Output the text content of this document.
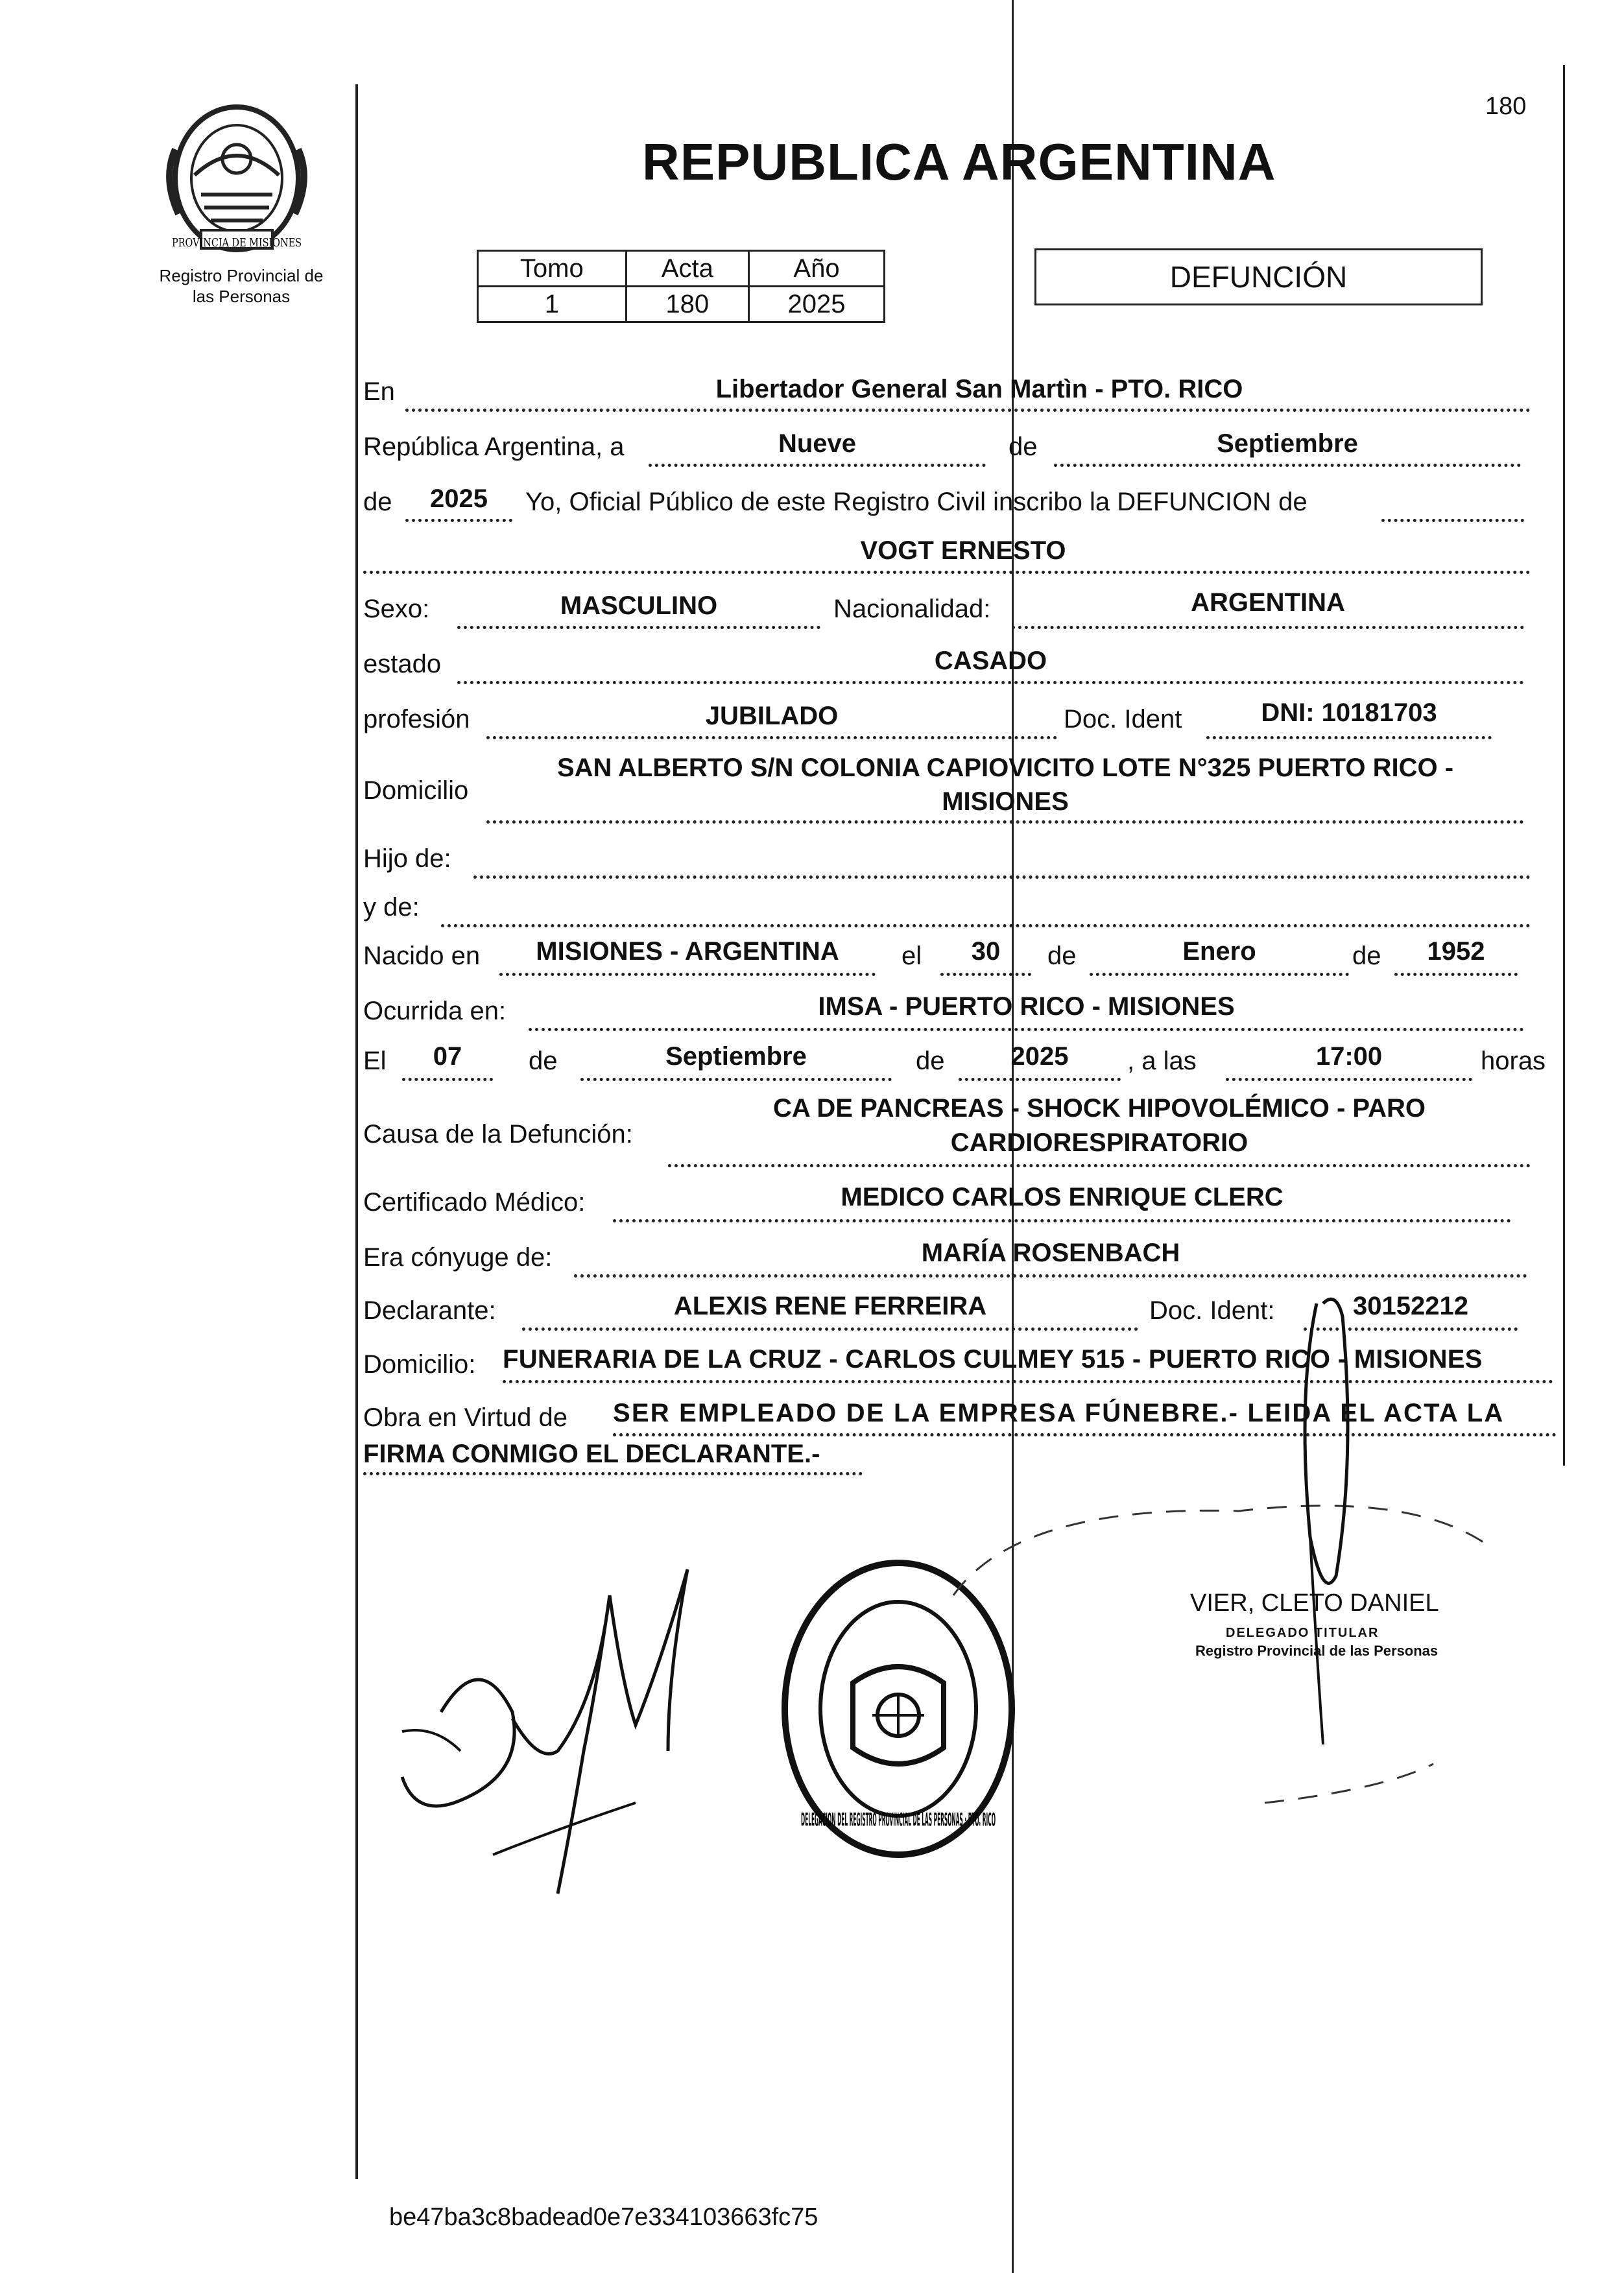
Registro Provincial de
las Personas
180
REPUBLICA ARGENTINA
Tomo	Acta	Año
1	180	2025
DEFUNCIÓN
En	Libertador General San Martìn - PTO. RICO
República Argentina, a	Nueve	de	Septiembre
de	2025	Yo, Oficial Público de este Registro Civil inscribo la DEFUNCION de
VOGT ERNESTO
Sexo:	MASCULINO	Nacionalidad:	ARGENTINA
estado	CASADO
profesión	JUBILADO	Doc. Ident	DNI: 10181703
Domicilio
SAN ALBERTO S/N COLONIA CAPIOVICITO LOTE N°325 PUERTO RICO -
MISIONES
Hijo de:
y de:
Nacido en	MISIONES - ARGENTINA	el	30	de	Enero	de	1952
Ocurrida en:	IMSA - PUERTO RICO - MISIONES
El	07	de	Septiembre	de	2025	, a las	17:00	horas
Causa de la Defunción:
CA DE PANCREAS - SHOCK HIPOVOLÉMICO - PARO
CARDIORESPIRATORIO
Certificado Médico:	MEDICO CARLOS ENRIQUE CLERC
Era cónyuge de:	MARÍA ROSENBACH
Declarante:	ALEXIS RENE FERREIRA	Doc. Ident:	30152212
Domicilio: FUNERARIA DE LA CRUZ - CARLOS CULMEY 515 - PUERTO RICO - MISIONES
Obra en Virtud de SER EMPLEADO DE LA EMPRESA FÚNEBRE.- LEIDA EL ACTA LA
FIRMA CONMIGO EL DECLARANTE.-
DELEGACION DEL REGISTRO PROVINCIAL DE LAS PERSONAS · PTO. RICO
VIER, CLETO DANIEL
DELEGADO TITULAR
Registro Provincial de las Personas
be47ba3c8badead0e7e334103663fc75
PROVINCIA DE MISIONES
